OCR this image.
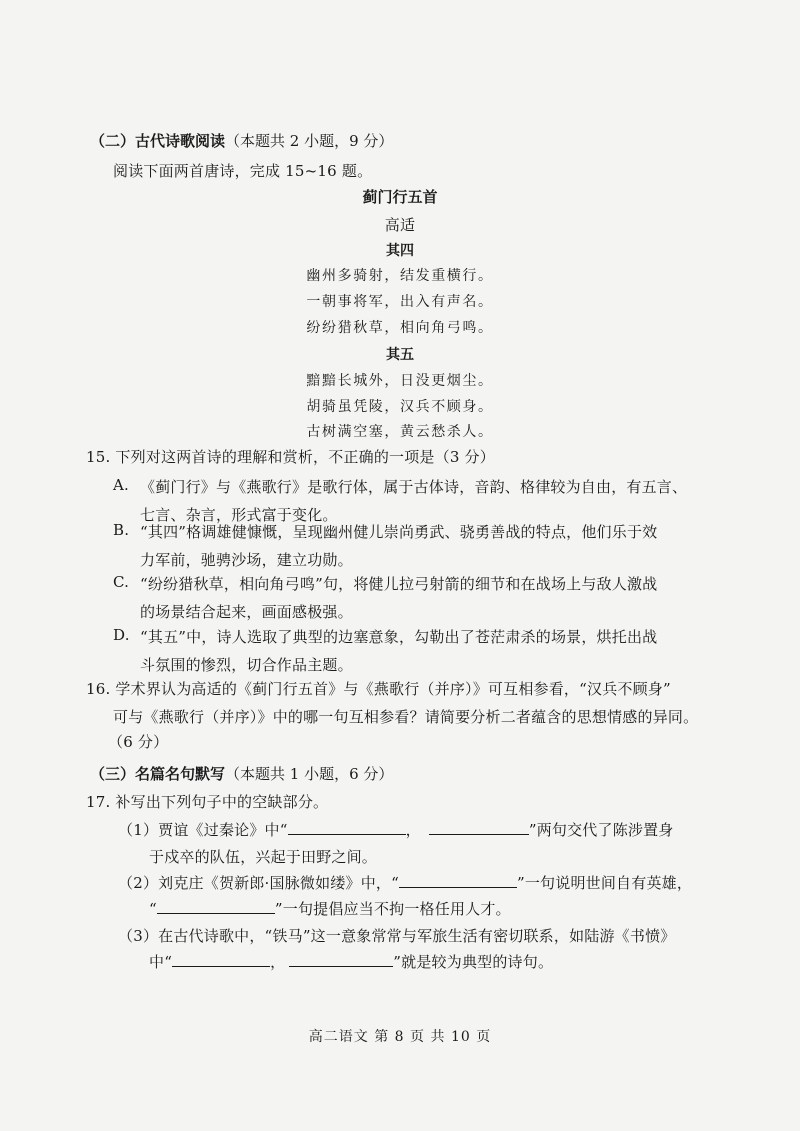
（二）古代诗歌阅读（本题共 2 小题，9 分）
阅读下面两首唐诗，完成 15~16 题。
蓟门行五首
高适
其四
幽州多骑射，结发重横行。
一朝事将军，出入有声名。
纷纷猎秋草，相向角弓鸣。
其五
黯黯长城外，日没更烟尘。
胡骑虽凭陵，汉兵不顾身。
古树满空塞，黄云愁杀人。
15. 下列对这两首诗的理解和赏析，不正确的一项是（3 分）
A. 《蓟门行》与《燕歌行》是歌行体，属于古体诗，音韵、格律较为自由，有五言、
七言、杂言，形式富于变化。
B. “其四”格调雄健慷慨，呈现幽州健儿崇尚勇武、骁勇善战的特点，他们乐于效
力军前，驰骋沙场，建立功勋。
C. “纷纷猎秋草，相向角弓鸣”句，将健儿拉弓射箭的细节和在战场上与敌人激战
的场景结合起来，画面感极强。
D. “其五”中，诗人选取了典型的边塞意象，勾勒出了苍茫肃杀的场景，烘托出战
斗氛围的惨烈，切合作品主题。
16. 学术界认为高适的《蓟门行五首》与《燕歌行（并序）》可互相参看，“汉兵不顾身”
可与《燕歌行（并序）》中的哪一句互相参看？请简要分析二者蕴含的思想情感的异同。
（6 分）
（三）名篇名句默写（本题共 1 小题，6 分）
17. 补写出下列句子中的空缺部分。
（1）贾谊《过秦论》中“	，	”两句交代了陈涉置身
于戍卒的队伍，兴起于田野之间。
（2）刘克庄《贺新郎·国脉微如缕》中，“	”一句说明世间自有英雄，
“	”一句提倡应当不拘一格任用人才。
（3）在古代诗歌中，“铁马”这一意象常常与军旅生活有密切联系，如陆游《书愤》
中“	，	”就是较为典型的诗句。
高二语文 第 8 页 共 10 页
